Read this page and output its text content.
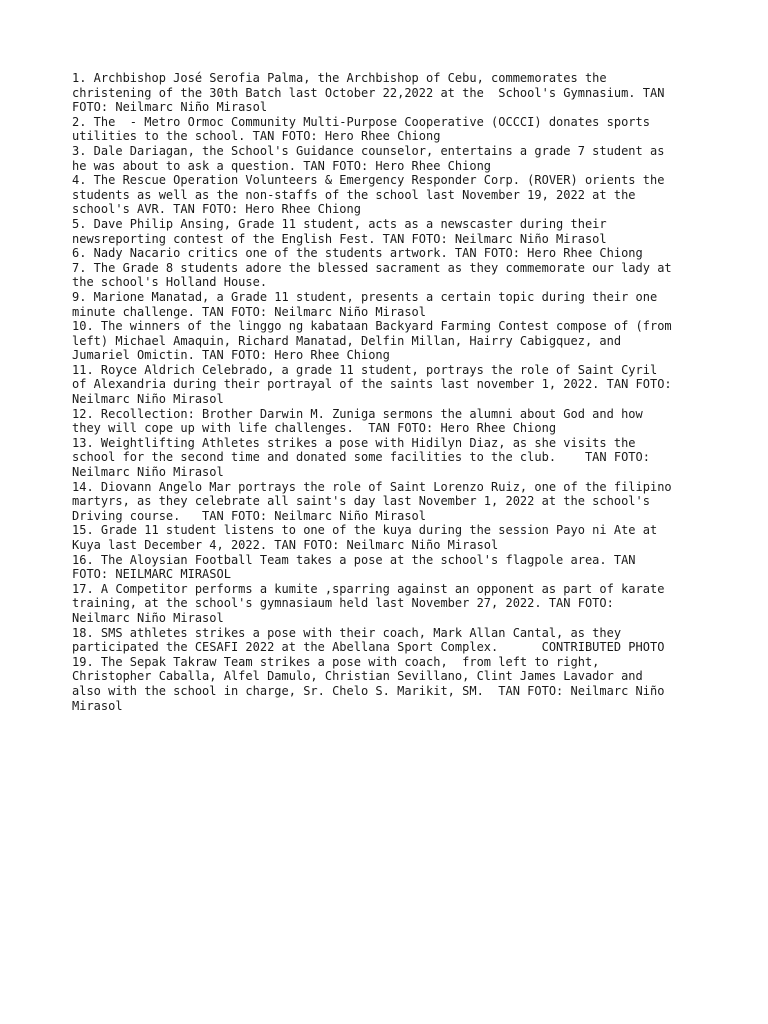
1. Archbishop José Serofia Palma, the Archbishop of Cebu, commemorates the
christening of the 30th Batch last October 22,2022 at the  School's Gymnasium. TAN
FOTO: Neilmarc Niño Mirasol
2. The  - Metro Ormoc Community Multi-Purpose Cooperative (OCCCI) donates sports
utilities to the school. TAN FOTO: Hero Rhee Chiong
3. Dale Dariagan, the School's Guidance counselor, entertains a grade 7 student as
he was about to ask a question. TAN FOTO: Hero Rhee Chiong
4. The Rescue Operation Volunteers & Emergency Responder Corp. (ROVER) orients the
students as well as the non-staffs of the school last November 19, 2022 at the
school's AVR. TAN FOTO: Hero Rhee Chiong
5. Dave Philip Ansing, Grade 11 student, acts as a newscaster during their
newsreporting contest of the English Fest. TAN FOTO: Neilmarc Niño Mirasol
6. Nady Nacario critics one of the students artwork. TAN FOTO: Hero Rhee Chiong
7. The Grade 8 students adore the blessed sacrament as they commemorate our lady at
the school's Holland House.
9. Marione Manatad, a Grade 11 student, presents a certain topic during their one
minute challenge. TAN FOTO: Neilmarc Niño Mirasol
10. The winners of the linggo ng kabataan Backyard Farming Contest compose of (from
left) Michael Amaquin, Richard Manatad, Delfin Millan, Hairry Cabigquez, and
Jumariel Omictin. TAN FOTO: Hero Rhee Chiong
11. Royce Aldrich Celebrado, a grade 11 student, portrays the role of Saint Cyril
of Alexandria during their portrayal of the saints last november 1, 2022. TAN FOTO:
Neilmarc Niño Mirasol
12. Recollection: Brother Darwin M. Zuniga sermons the alumni about God and how
they will cope up with life challenges.  TAN FOTO: Hero Rhee Chiong
13. Weightlifting Athletes strikes a pose with Hidilyn Diaz, as she visits the
school for the second time and donated some facilities to the club.    TAN FOTO:
Neilmarc Niño Mirasol
14. Diovann Angelo Mar portrays the role of Saint Lorenzo Ruiz, one of the filipino
martyrs, as they celebrate all saint's day last November 1, 2022 at the school's
Driving course.   TAN FOTO: Neilmarc Niño Mirasol
15. Grade 11 student listens to one of the kuya during the session Payo ni Ate at
Kuya last December 4, 2022. TAN FOTO: Neilmarc Niño Mirasol
16. The Aloysian Football Team takes a pose at the school's flagpole area. TAN
FOTO: NEILMARC MIRASOL
17. A Competitor performs a kumite ,sparring against an opponent as part of karate
training, at the school's gymnasiaum held last November 27, 2022. TAN FOTO:
Neilmarc Niño Mirasol
18. SMS athletes strikes a pose with their coach, Mark Allan Cantal, as they
participated the CESAFI 2022 at the Abellana Sport Complex.      CONTRIBUTED PHOTO
19. The Sepak Takraw Team strikes a pose with coach,  from left to right,
Christopher Caballa, Alfel Damulo, Christian Sevillano, Clint James Lavador and
also with the school in charge, Sr. Chelo S. Marikit, SM.  TAN FOTO: Neilmarc Niño
Mirasol
